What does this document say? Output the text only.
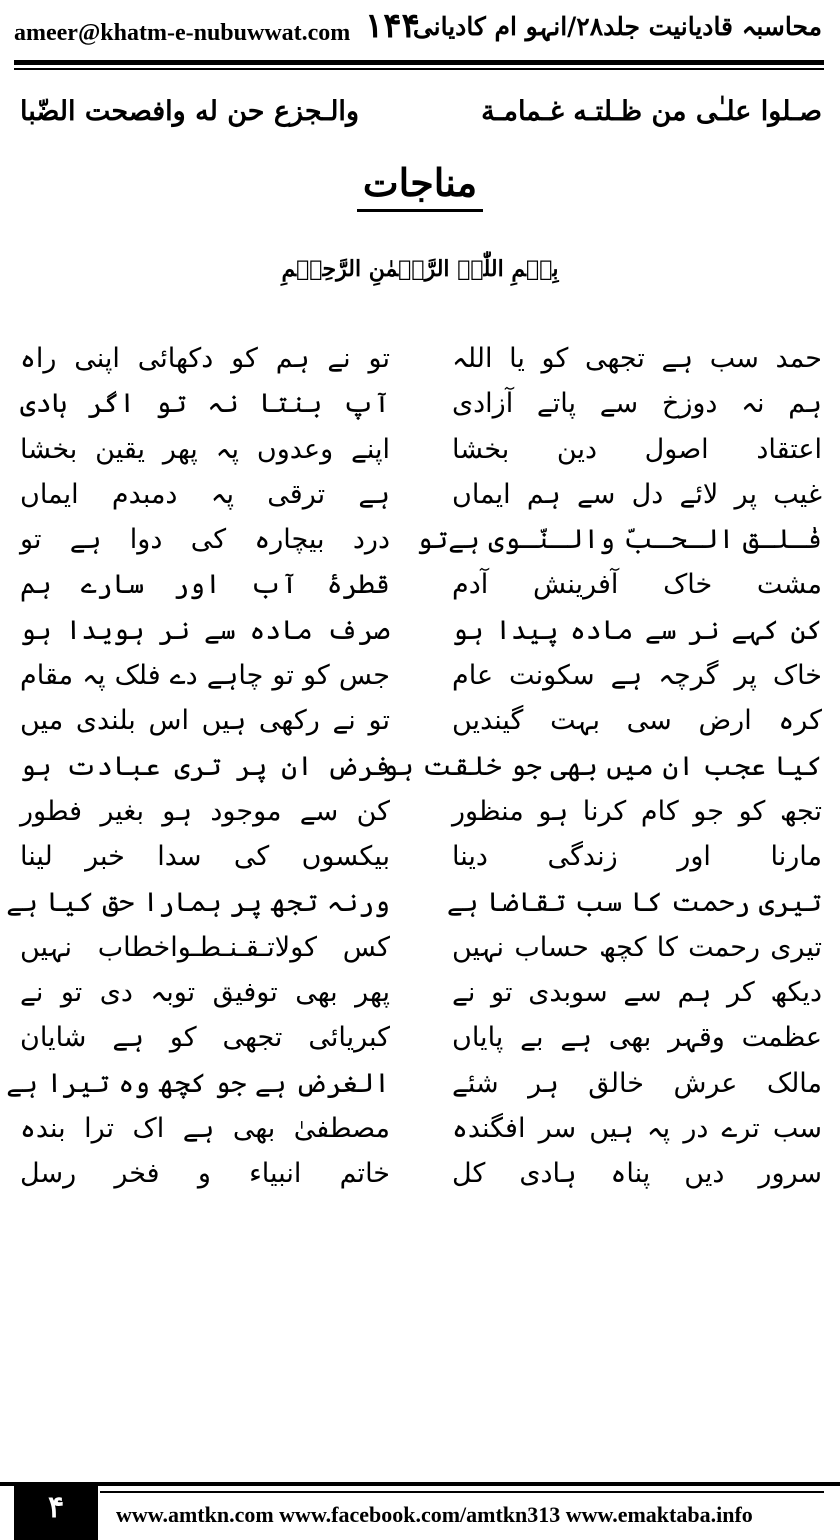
ameer@khatm-e-nubuwwat.com ۱۴۴
محاسبہ قادیانیت جلد۲۸/انہو ام کادیانی
صـلوا علـٰى من ظـلتـه غـمامـة
والـجزع حن له وافصحت الضّبا
مناجات
بِسۡمِ اللّٰہِ الرَّحۡمٰنِ الرَّحِیۡمِ
حمد سب ہے تجھی کو یا اللہ
ہم نہ دوزخ سے پاتے آزادی
اعتقاد اصول دین بخشا
غیب پر لائے دل سے ہم ایماں
فٰـلـق الـحـبّ والـنّـوی ہےتو
مشت خاک آفرینش آدم
کن کہے نر سے مادہ پیدا ہو
خاک پر گرچہ ہے سکونت عام
کرہ ارض سی بہت گیندیں
کیا عجب ان میں بھی جو خلقت ہو
تجھ کو جو کام کرنا ہو منظور
مارنا اور زندگی دینا
تیری رحمت کا سب تقاضا ہے
تیری رحمت کا کچھ حساب نہیں
دیکھ کر ہم سے سوبدی تو نے
عظمت وقہر بھی ہے بے پایاں
مالک عرش خالق ہر شئے
سب ترے در پہ ہیں سر افگندہ
سرور دیں پناہ ہادی کل
تو نے ہم کو دکھائی اپنی راہ
آپ بنتا نہ تو اگر ہادی
اپنے وعدوں پہ پھر یقین بخشا
ہے ترقی پہ دمبدم ایماں
درد بیچارہ کی دوا ہے تو
قطرۂ آب اور سارے ہم
صرف مادہ سے نر ہویدا ہو
جس کو تو چاہے دے فلک پہ مقام
تو نے رکھی ہیں اس بلندی میں
فرض ان پر تری عبادت ہو
کن سے موجود ہو بغیر فطور
بیکسوں کی سدا خبر لینا
ورنہ تجھ پر ہمارا حق کیا ہے
کس کولاتـقـنـطـواخطاب نہیں
پھر بھی توفیق توبہ دی تو نے
کبریائی تجھی کو ہے شایان
الغرض ہے جو کچھ وہ تیرا ہے
مصطفیٰ بھی ہے اک ترا بندہ
خاتم انبیاء و فخر رسل
۴	www.amtkn.com www.facebook.com/amtkn313 www.emaktaba.info
